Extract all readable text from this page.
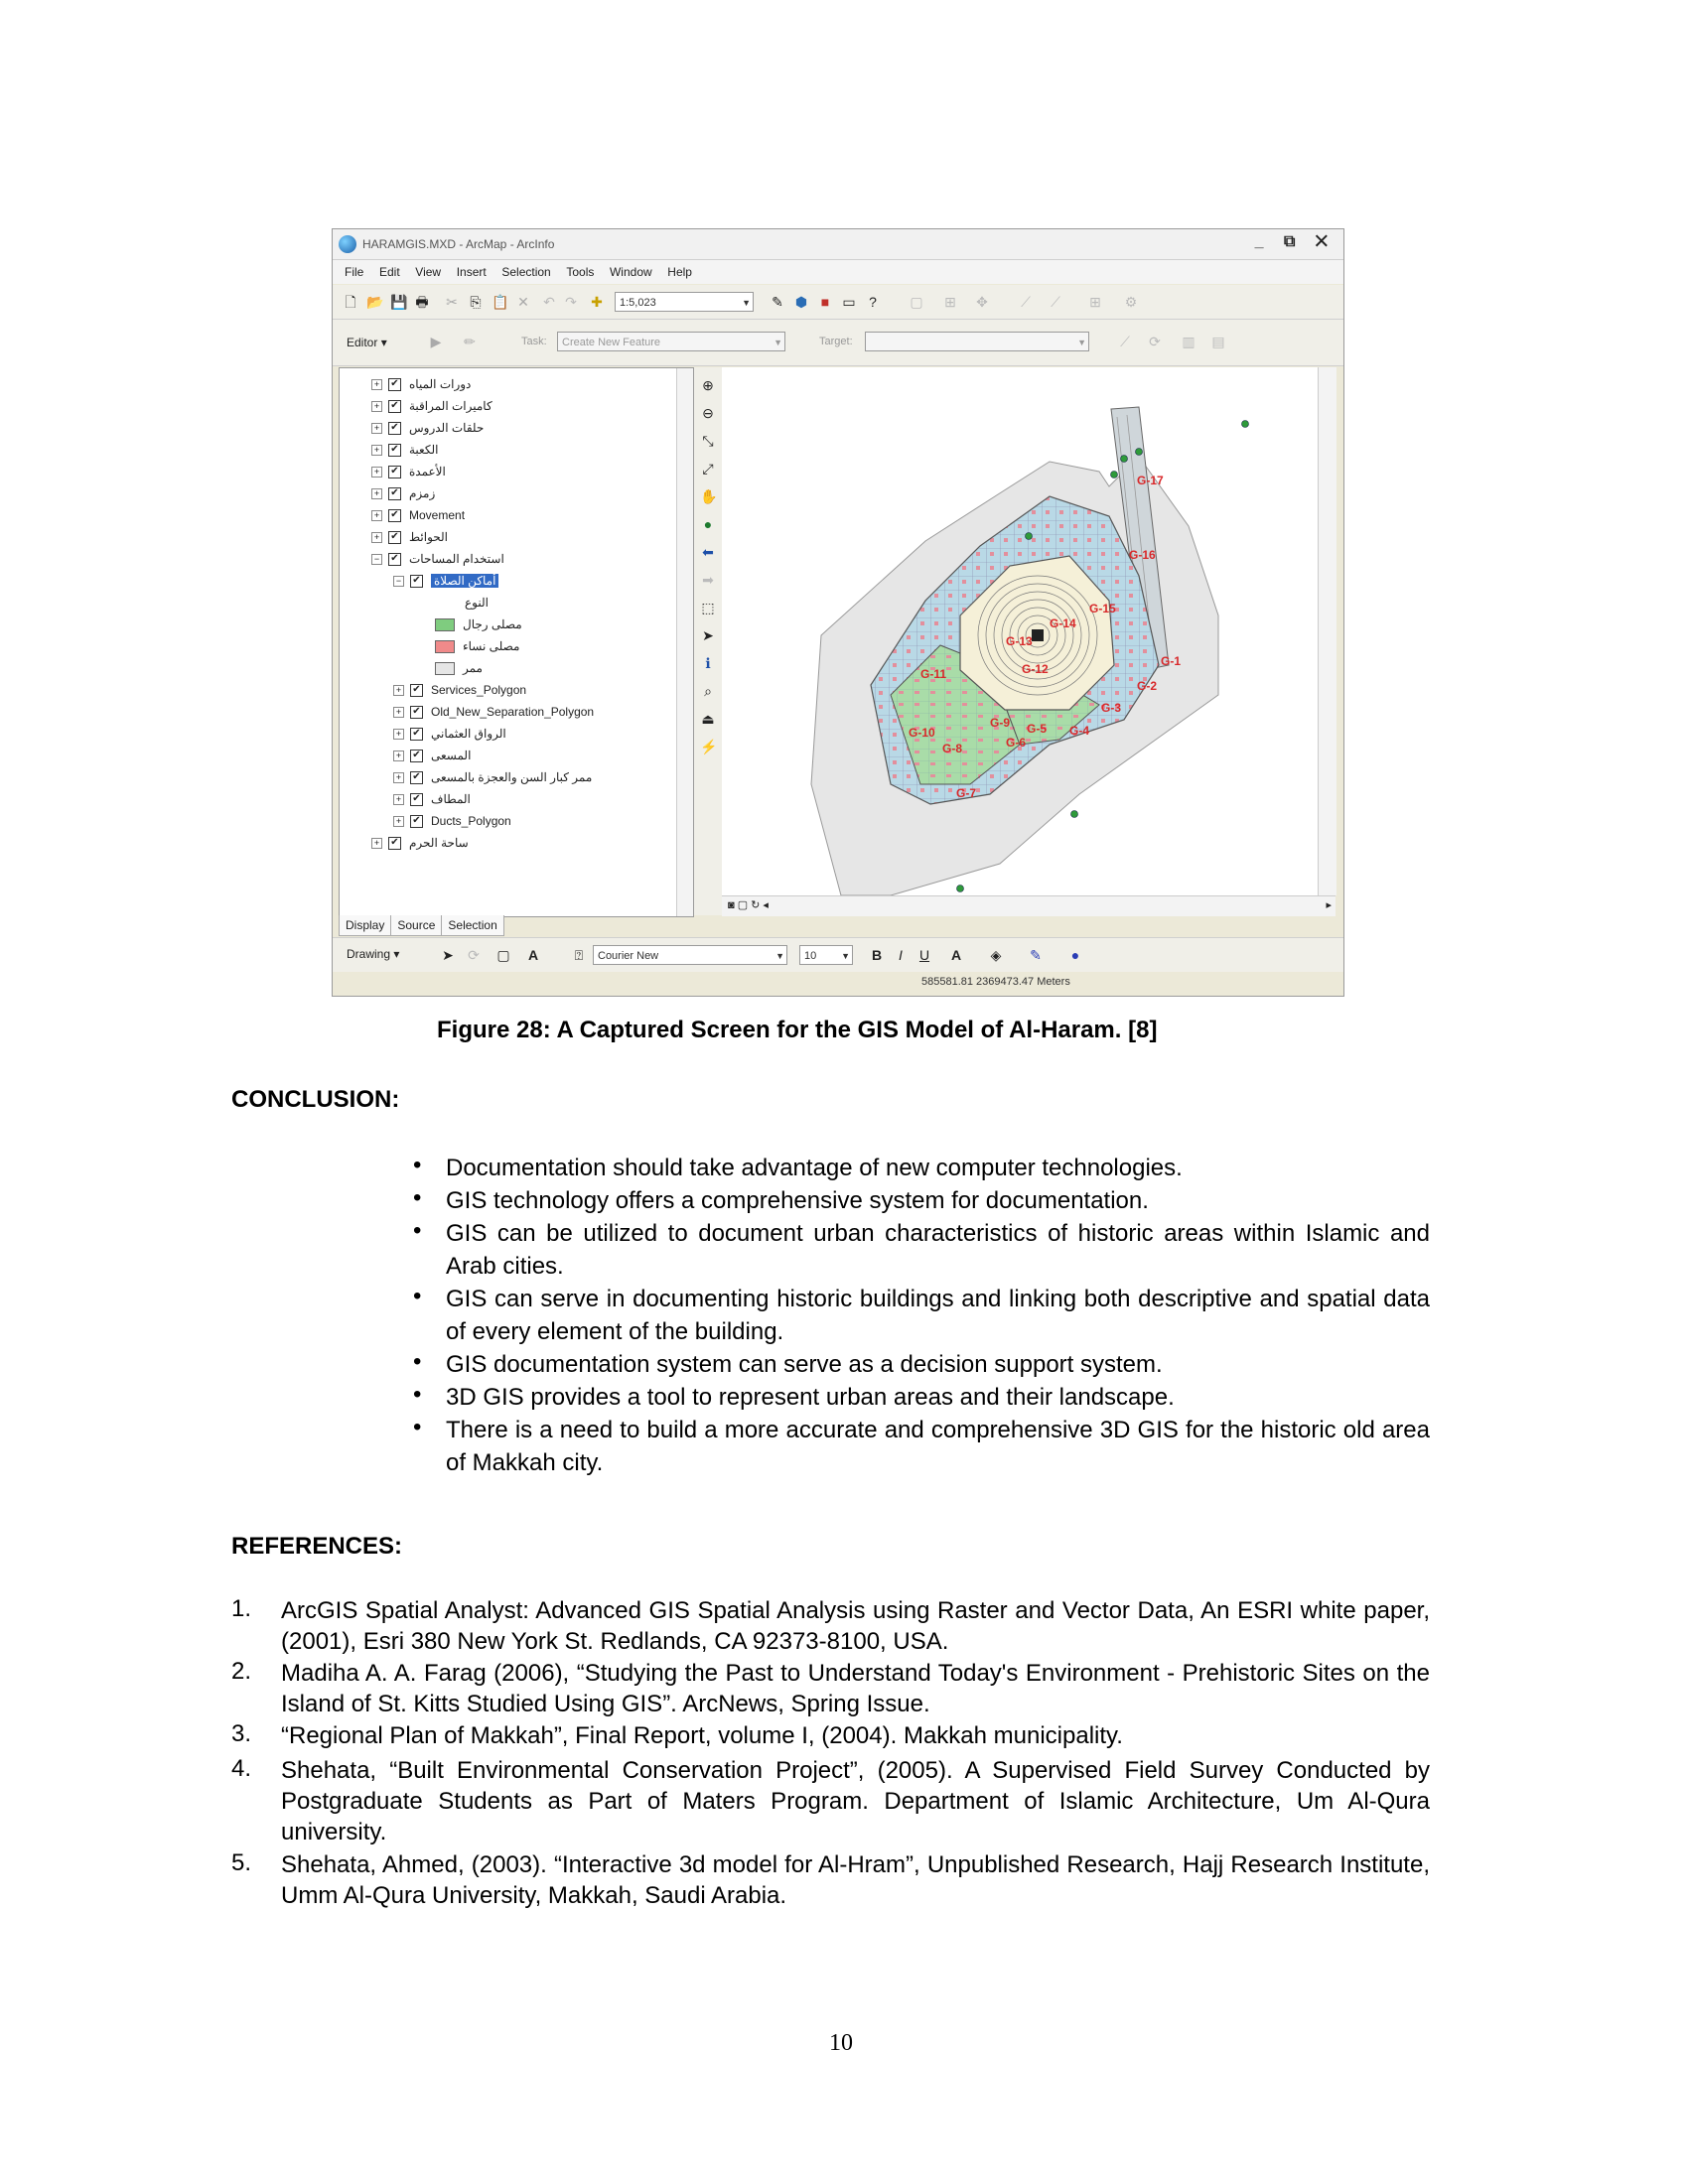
HARAMGIS.MXD - ArcMap - ArcInfo	_ ⧉ ✕
File Edit View Insert Selection Tools Window Help
🗋 📂 💾 🖶 ✂ ⎘ 📋 ✕ ↶ ↷ ✚	1:5,023	▼ ✎ ⬢ ■ ▭ ? ▢ ⊞ ✥ ⟋ ⟋ ⊞ ⚙
Editor ▾	▶ ✏	Task:	Create New Feature	▼	Target:	▼ ⟋ ⟳ ▥ ▤
+ ✔ دورات المياه
+ ✔ كاميرات المراقبة
+ ✔ حلقات الدروس
+ ✔ الكعبة
+ ✔ الأعمدة
+ ✔ زمزم
+ ✔ Movement
+ ✔ الحوائط
− ✔ استخدام المساحات
− ✔ أماكن الصلاة
النوع
مصلى رجال
مصلى نساء
ممر
+ ✔ Services_Polygon
+ ✔ Old_New_Separation_Polygon
+ ✔ الرواق العثماني
+ ✔ المسعى
+ ✔ ممر كبار السن والعجزة بالمسعى
+ ✔ المطاف
+ ✔ Ducts_Polygon
+ ✔ ساحة الحرم
Display Source Selection
⊕
⊖
⤡
⤢
✋
●
⬅
➡
⬚
➤
ℹ
⌕
⏏
⚡
G-17
G-16
G-15
G-14
G-13
G-12
G-11
G-1
G-2
G-3
G-4
G-5
G-6
G-9
G-10
G-8
G-7
◙ ▢ ↻ ◂	▸
Drawing ▾	➤ ⟳ ▢ A	⍰	Courier New	▼	10	▼ B	I	U A ◈ ✎ ●
585581.81 2369473.47 Meters
Figure 28: A Captured Screen for the GIS Model of Al-Haram. [8]
CONCLUSION:
• Documentation should take advantage of new computer technologies.
• GIS technology offers a comprehensive system for documentation.
• GIS can be utilized to document urban characteristics of historic areas within Islamic and Arab cities.
• GIS can serve in documenting historic buildings and linking both descriptive and spatial data of every element of the building.
• GIS documentation system can serve as a decision support system.
• 3D GIS provides a tool to represent urban areas and their landscape.
• There is a need to build a more accurate and comprehensive 3D GIS for the historic old area of Makkah city.
REFERENCES:
1. ArcGIS Spatial Analyst: Advanced GIS Spatial Analysis using Raster and Vector Data, An ESRI white paper, (2001), Esri 380 New York St. Redlands, CA 92373-8100, USA.
2. Madiha A. A. Farag (2006), “Studying the Past to Understand Today's Environment - Prehistoric Sites on the Island of St. Kitts Studied Using GIS”. ArcNews, Spring Issue.
3. “Regional Plan of Makkah”, Final Report, volume I, (2004). Makkah municipality.
4. Shehata, “Built Environmental Conservation Project”, (2005). A Supervised Field Survey Conducted by Postgraduate Students as Part of Maters Program. Department of Islamic Architecture, Um Al-Qura university.
5. Shehata, Ahmed, (2003). “Interactive 3d model for Al-Hram”, Unpublished Research, Hajj Research Institute, Umm Al-Qura University, Makkah, Saudi Arabia.
10
